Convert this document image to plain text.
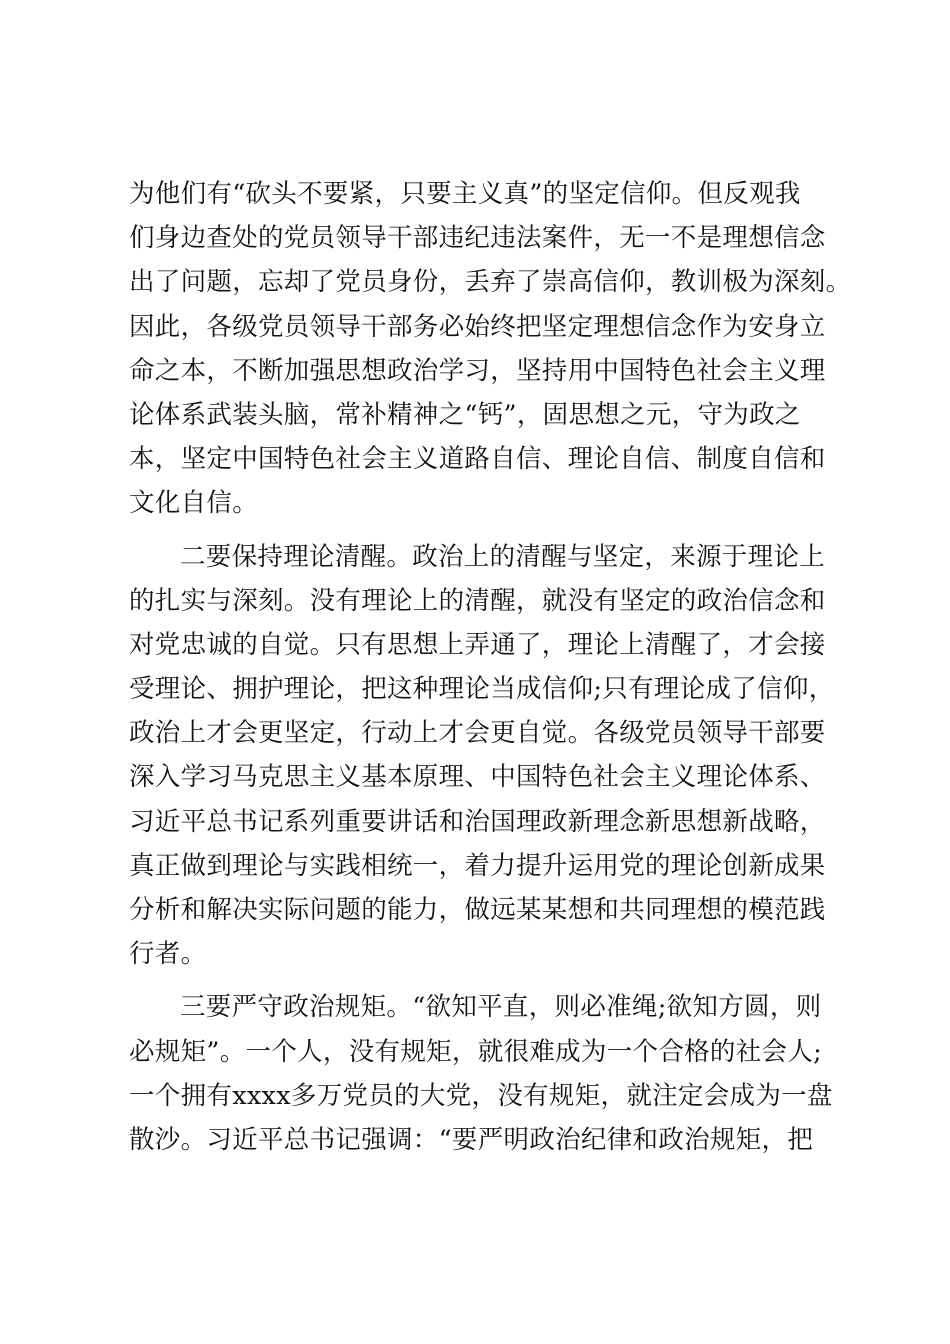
为他们有“砍头不要紧，只要主义真”的坚定信仰。但反观我
们身边查处的党员领导干部违纪违法案件，无一不是理想信念
出了问题，忘却了党员身份，丢弃了崇高信仰，教训极为深刻。
因此，各级党员领导干部务必始终把坚定理想信念作为安身立
命之本，不断加强思想政治学习，坚持用中国特色社会主义理
论体系武装头脑，常补精神之“钙”，固思想之元，守为政之
本，坚定中国特色社会主义道路自信、理论自信、制度自信和
文化自信。
二要保持理论清醒。政治上的清醒与坚定，来源于理论上
的扎实与深刻。没有理论上的清醒，就没有坚定的政治信念和
对党忠诚的自觉。只有思想上弄通了，理论上清醒了，才会接
受理论、拥护理论，把这种理论当成信仰;只有理论成了信仰，
政治上才会更坚定，行动上才会更自觉。各级党员领导干部要
深入学习马克思主义基本原理、中国特色社会主义理论体系、
习近平总书记系列重要讲话和治国理政新理念新思想新战略，
真正做到理论与实践相统一，着力提升运用党的理论创新成果
分析和解决实际问题的能力，做远某某想和共同理想的模范践
行者。
三要严守政治规矩。“欲知平直，则必准绳;欲知方圆，则
必规矩”。一个人，没有规矩，就很难成为一个合格的社会人;
一个拥有xxxx多万党员的大党，没有规矩，就注定会成为一盘
散沙。习近平总书记强调：“要严明政治纪律和政治规矩，把
